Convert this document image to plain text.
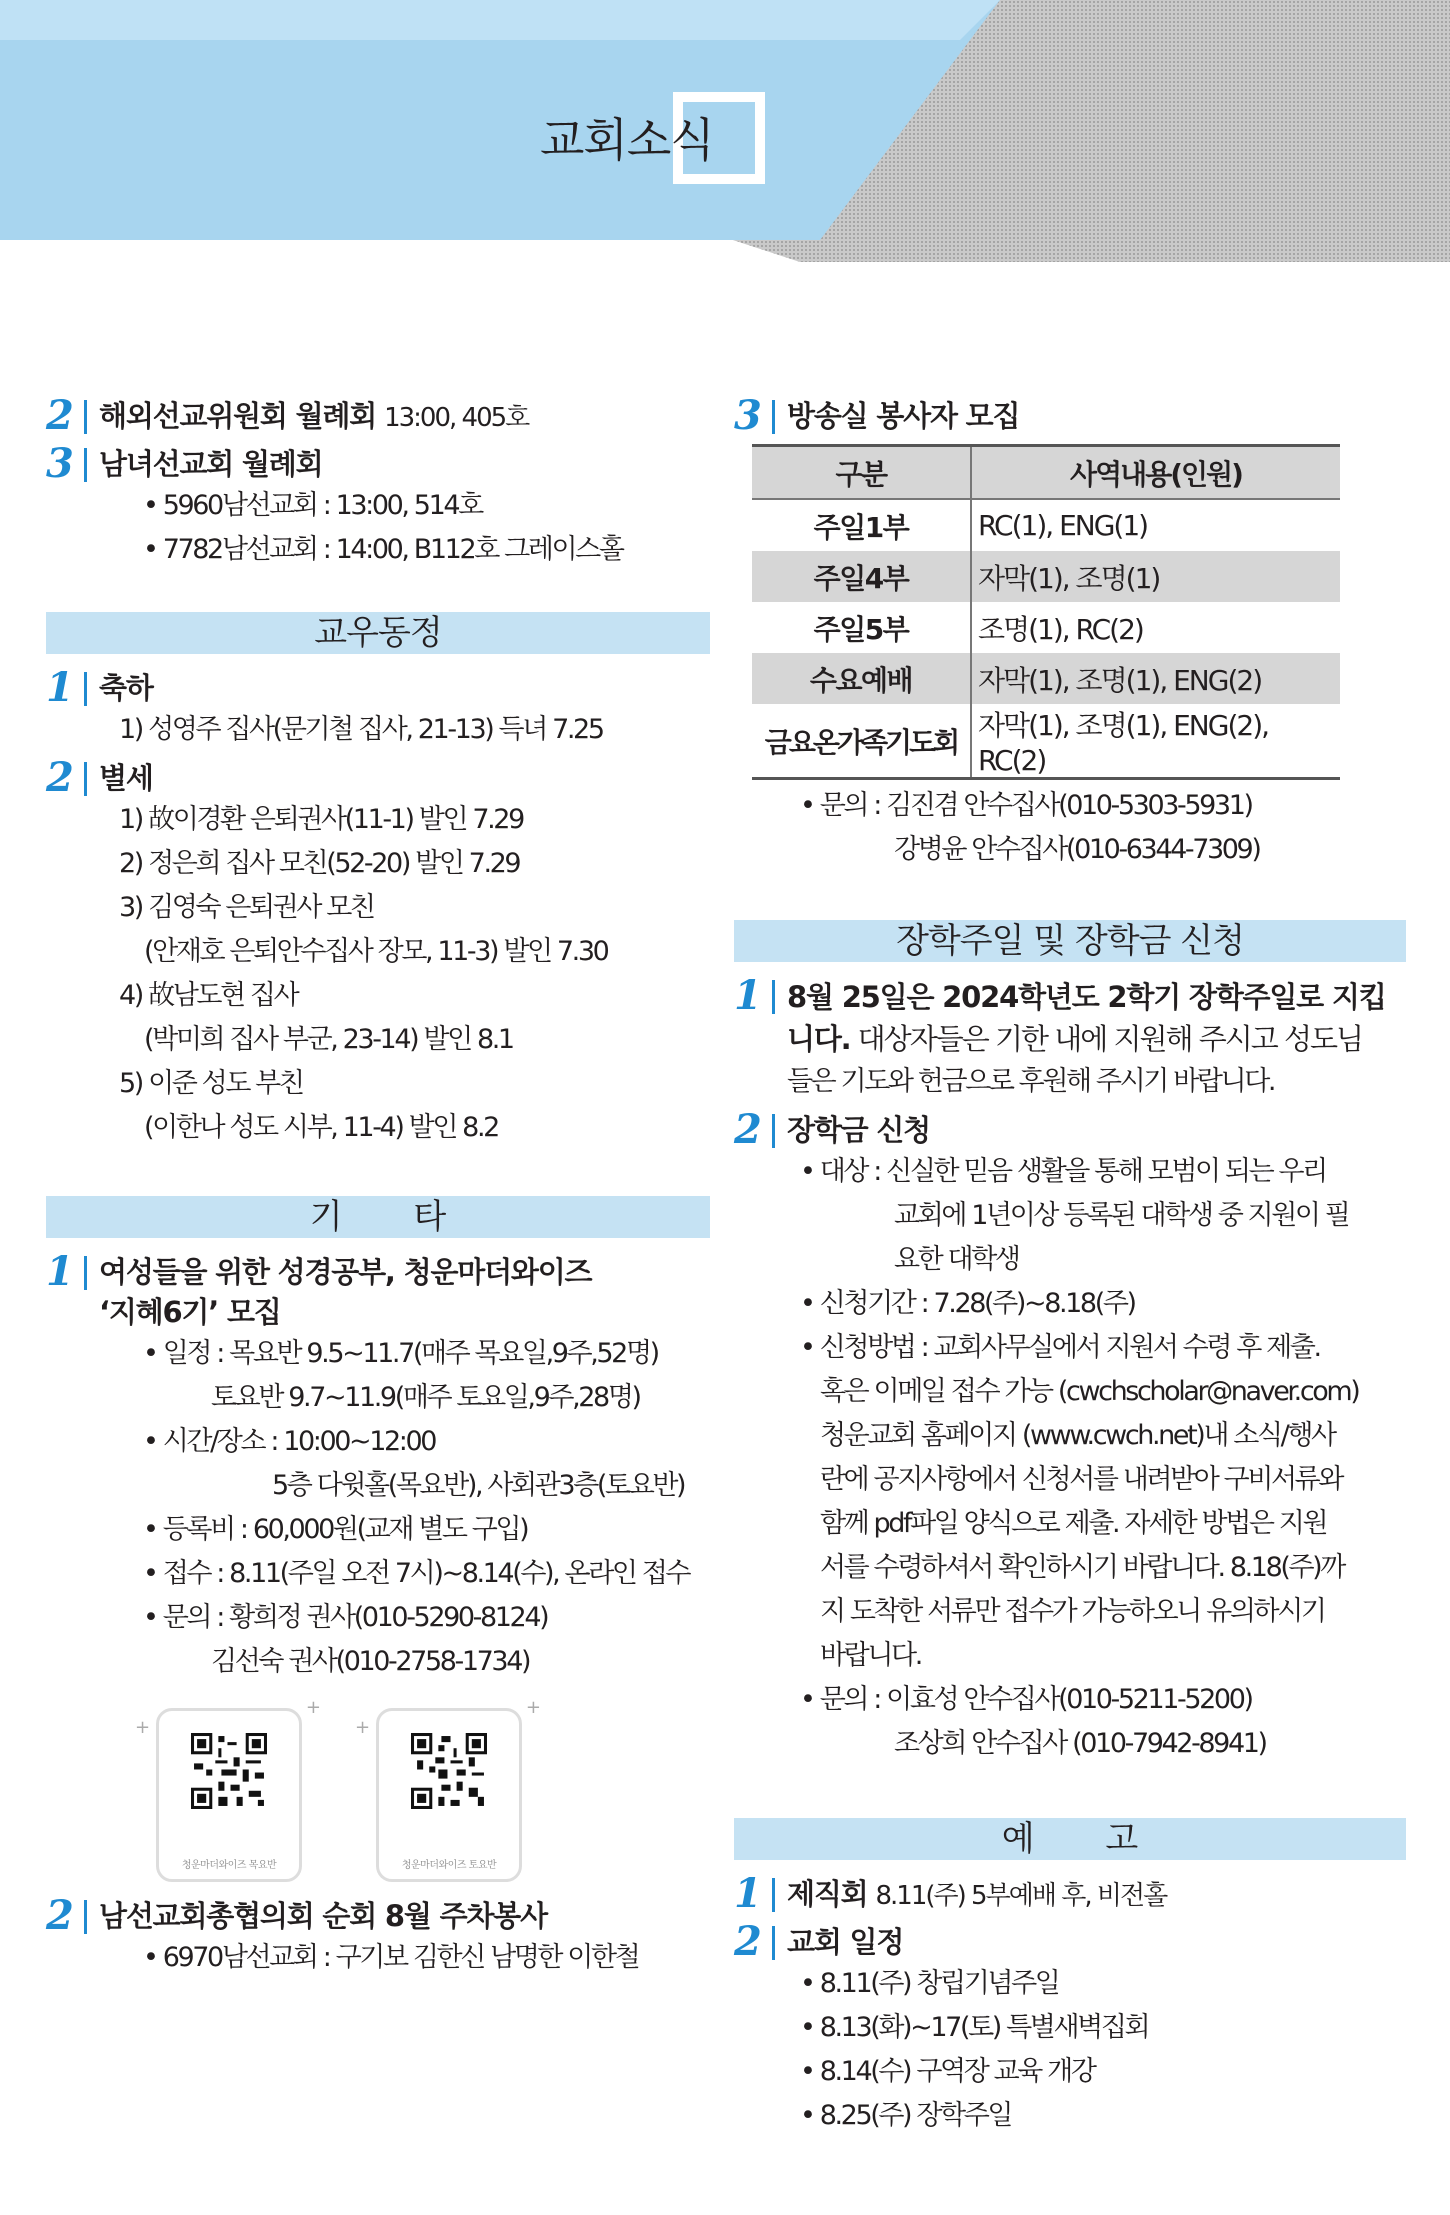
교회소식
2 해외선교위원회 월례회 13:00, 405호
3 남녀선교회 월례회
• 5960남선교회 : 13:00, 514호
• 7782남선교회 : 14:00, B112호 그레이스홀
교우동정
1 축하
1) 성영주 집사(문기철 집사, 21-13) 득녀 7.25
2 별세
1) 故이경환 은퇴권사(11-1) 발인 7.29
2) 정은희 집사 모친(52-20) 발인 7.29
3) 김영숙 은퇴권사 모친
(안재호 은퇴안수집사 장모, 11-3) 발인 7.30
4) 故남도현 집사
(박미희 집사 부군, 23-14) 발인 8.1
5) 이준 성도 부친
(이한나 성도 시부, 11-4) 발인 8.2
기 타
1 여성들을 위한 성경공부, 청운마더와이즈
‘지혜6기’ 모집
• 일정 : 목요반 9.5~11.7(매주 목요일,9주,52명)
토요반 9.7~11.9(매주 토요일,9주,28명)
• 시간/장소 : 10:00~12:00
5층 다윗홀(목요반), 사회관3층(토요반)
• 등록비 : 60,000원(교재 별도 구입)
• 접수 : 8.11(주일 오전 7시)~8.14(수), 온라인 접수
• 문의 : 황희정 권사(010-5290-8124)
김선숙 권사(010-2758-1734)
청운마더와이즈 목요반
+
+
청운마더와이즈 토요반
+
+
2 남선교회총협의회 순회 8월 주차봉사
• 6970남선교회 : 구기보 김한신 남명한 이한철
3 방송실 봉사자 모집
구분	사역내용(인원)
주일1부	RC(1), ENG(1)
주일4부	자막(1), 조명(1)
주일5부	조명(1), RC(2)
수요예배	자막(1), 조명(1), ENG(2)
금요온가족기도회	자막(1), 조명(1), ENG(2), RC(2)
• 문의 : 김진겸 안수집사(010-5303-5931)
강병윤 안수집사(010-6344-7309)
장학주일 및 장학금 신청
1 8월 25일은 2024학년도 2학기 장학주일로 지킵
니다. 대상자들은 기한 내에 지원해 주시고 성도님
들은 기도와 헌금으로 후원해 주시기 바랍니다.
2 장학금 신청
• 대상 : 신실한 믿음 생활을 통해 모범이 되는 우리
교회에 1년이상 등록된 대학생 중 지원이 필
요한 대학생
• 신청기간 : 7.28(주)~8.18(주)
• 신청방법 : 교회사무실에서 지원서 수령 후 제출.
혹은 이메일 접수 가능 (cwchscholar@naver.com)
청운교회 홈페이지 (www.cwch.net)내 소식/행사
란에 공지사항에서 신청서를 내려받아 구비서류와
함께 pdf파일 양식으로 제출. 자세한 방법은 지원
서를 수령하셔서 확인하시기 바랍니다. 8.18(주)까
지 도착한 서류만 접수가 가능하오니 유의하시기
바랍니다.
• 문의 : 이효성 안수집사(010-5211-5200)
조상희 안수집사 (010-7942-8941)
예 고
1 제직회 8.11(주) 5부예배 후, 비전홀
2 교회 일정
• 8.11(주) 창립기념주일
• 8.13(화)~17(토) 특별새벽집회
• 8.14(수) 구역장 교육 개강
• 8.25(주) 장학주일
